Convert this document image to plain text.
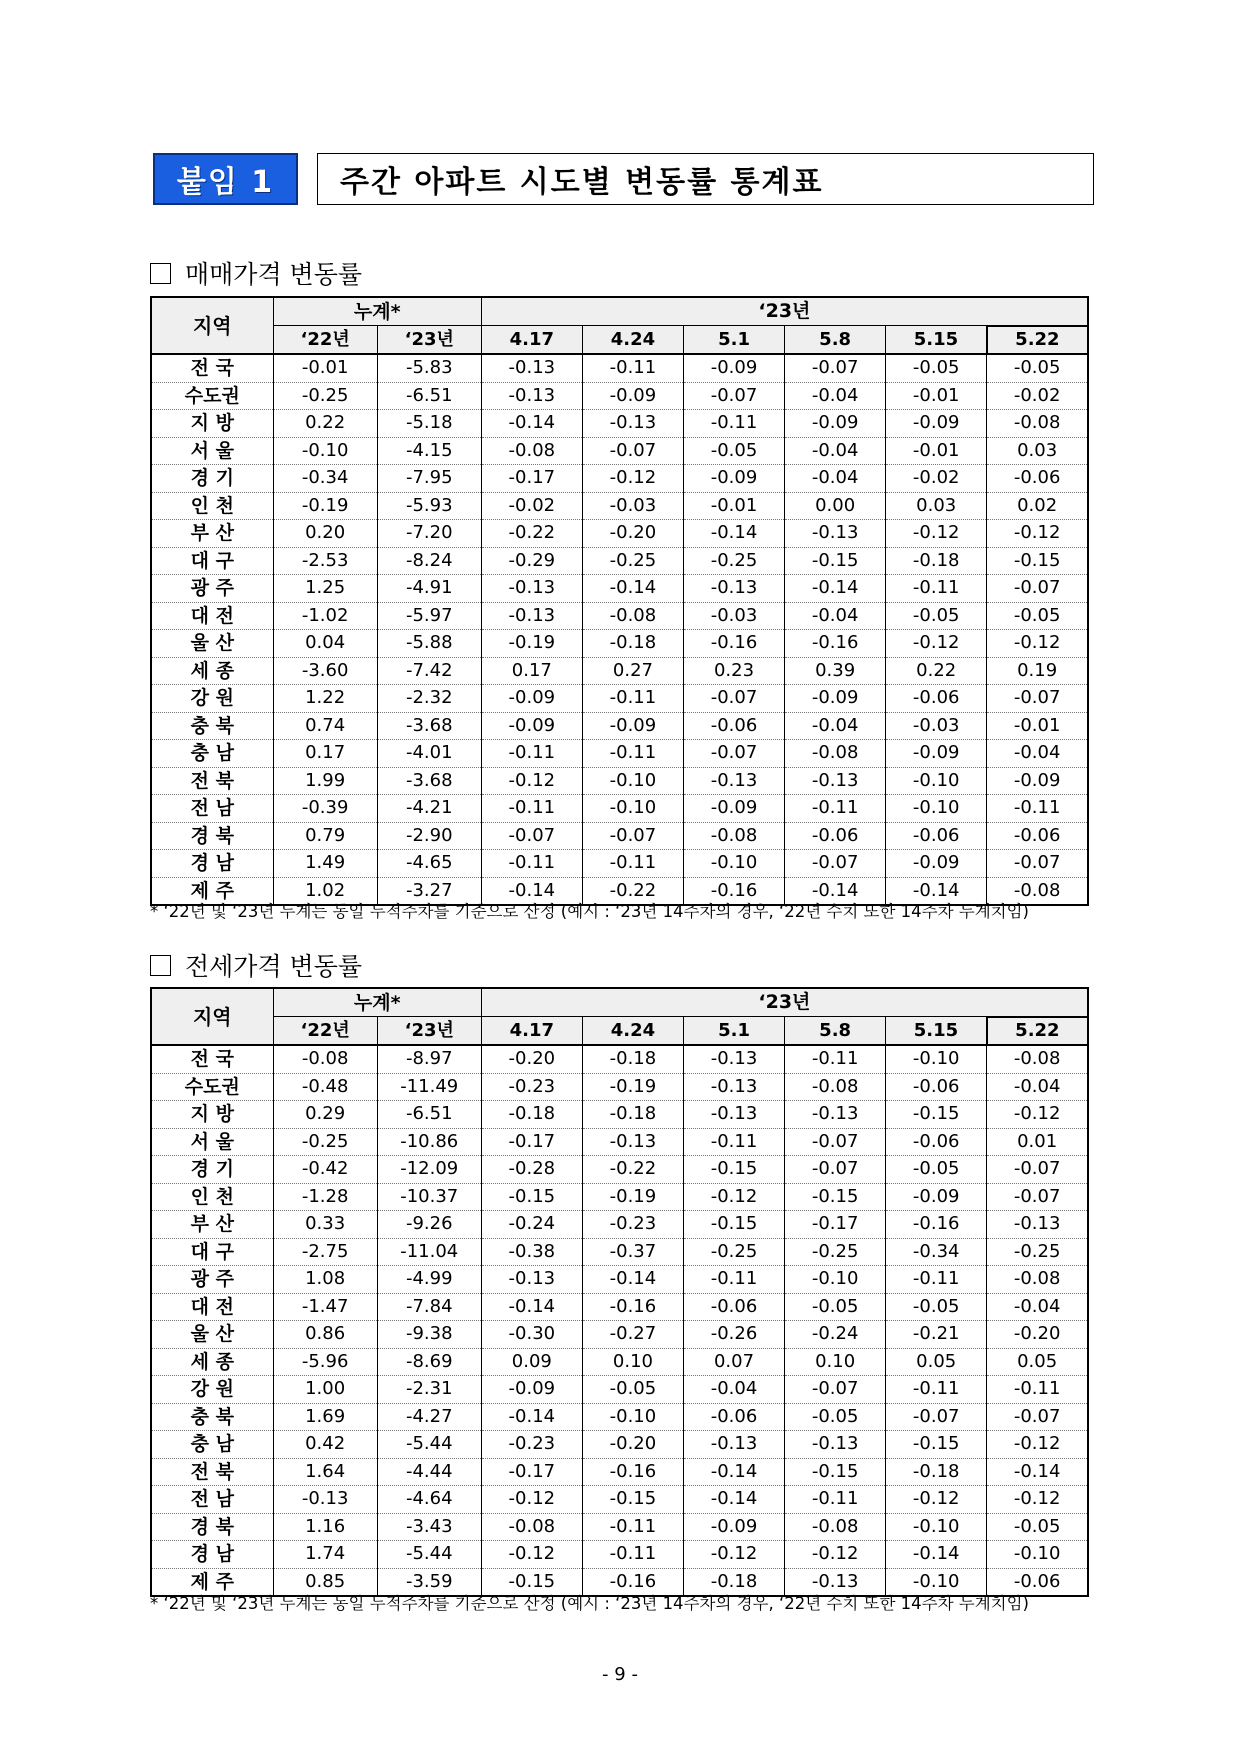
붙임 1	주간 아파트 시도별 변동률 통계표
매매가격 변동률
지역	누계*		‘23년					
	‘22년	‘23년	4.17	4.24	5.1	5.8	5.15	5.22
전 국	-0.01	-5.83	-0.13	-0.11	-0.09	-0.07	-0.05	-0.05
수도권	-0.25	-6.51	-0.13	-0.09	-0.07	-0.04	-0.01	-0.02
지 방	0.22	-5.18	-0.14	-0.13	-0.11	-0.09	-0.09	-0.08
서 울	-0.10	-4.15	-0.08	-0.07	-0.05	-0.04	-0.01	0.03
경 기	-0.34	-7.95	-0.17	-0.12	-0.09	-0.04	-0.02	-0.06
인 천	-0.19	-5.93	-0.02	-0.03	-0.01	0.00	0.03	0.02
부 산	0.20	-7.20	-0.22	-0.20	-0.14	-0.13	-0.12	-0.12
대 구	-2.53	-8.24	-0.29	-0.25	-0.25	-0.15	-0.18	-0.15
광 주	1.25	-4.91	-0.13	-0.14	-0.13	-0.14	-0.11	-0.07
대 전	-1.02	-5.97	-0.13	-0.08	-0.03	-0.04	-0.05	-0.05
울 산	0.04	-5.88	-0.19	-0.18	-0.16	-0.16	-0.12	-0.12
세 종	-3.60	-7.42	0.17	0.27	0.23	0.39	0.22	0.19
강 원	1.22	-2.32	-0.09	-0.11	-0.07	-0.09	-0.06	-0.07
충 북	0.74	-3.68	-0.09	-0.09	-0.06	-0.04	-0.03	-0.01
충 남	0.17	-4.01	-0.11	-0.11	-0.07	-0.08	-0.09	-0.04
전 북	1.99	-3.68	-0.12	-0.10	-0.13	-0.13	-0.10	-0.09
전 남	-0.39	-4.21	-0.11	-0.10	-0.09	-0.11	-0.10	-0.11
경 북	0.79	-2.90	-0.07	-0.07	-0.08	-0.06	-0.06	-0.06
경 남	1.49	-4.65	-0.11	-0.11	-0.10	-0.07	-0.09	-0.07
제 주	1.02	-3.27	-0.14	-0.22	-0.16	-0.14	-0.14	-0.08
* ‘22년 및 ‘23년 누계는 동일 누적주차를 기준으로 산정 (예시 : ‘23년 14주차의 경우, ‘22년 수치 또한 14주차 누계치임)
전세가격 변동률
지역	누계*		‘23년					
	‘22년	‘23년	4.17	4.24	5.1	5.8	5.15	5.22
전 국	-0.08	-8.97	-0.20	-0.18	-0.13	-0.11	-0.10	-0.08
수도권	-0.48	-11.49	-0.23	-0.19	-0.13	-0.08	-0.06	-0.04
지 방	0.29	-6.51	-0.18	-0.18	-0.13	-0.13	-0.15	-0.12
서 울	-0.25	-10.86	-0.17	-0.13	-0.11	-0.07	-0.06	0.01
경 기	-0.42	-12.09	-0.28	-0.22	-0.15	-0.07	-0.05	-0.07
인 천	-1.28	-10.37	-0.15	-0.19	-0.12	-0.15	-0.09	-0.07
부 산	0.33	-9.26	-0.24	-0.23	-0.15	-0.17	-0.16	-0.13
대 구	-2.75	-11.04	-0.38	-0.37	-0.25	-0.25	-0.34	-0.25
광 주	1.08	-4.99	-0.13	-0.14	-0.11	-0.10	-0.11	-0.08
대 전	-1.47	-7.84	-0.14	-0.16	-0.06	-0.05	-0.05	-0.04
울 산	0.86	-9.38	-0.30	-0.27	-0.26	-0.24	-0.21	-0.20
세 종	-5.96	-8.69	0.09	0.10	0.07	0.10	0.05	0.05
강 원	1.00	-2.31	-0.09	-0.05	-0.04	-0.07	-0.11	-0.11
충 북	1.69	-4.27	-0.14	-0.10	-0.06	-0.05	-0.07	-0.07
충 남	0.42	-5.44	-0.23	-0.20	-0.13	-0.13	-0.15	-0.12
전 북	1.64	-4.44	-0.17	-0.16	-0.14	-0.15	-0.18	-0.14
전 남	-0.13	-4.64	-0.12	-0.15	-0.14	-0.11	-0.12	-0.12
경 북	1.16	-3.43	-0.08	-0.11	-0.09	-0.08	-0.10	-0.05
경 남	1.74	-5.44	-0.12	-0.11	-0.12	-0.12	-0.14	-0.10
제 주	0.85	-3.59	-0.15	-0.16	-0.18	-0.13	-0.10	-0.06
* ‘22년 및 ‘23년 누계는 동일 누적주차를 기준으로 산정 (예시 : ‘23년 14주차의 경우, ‘22년 수치 또한 14주차 누계치임)
- 9 -
